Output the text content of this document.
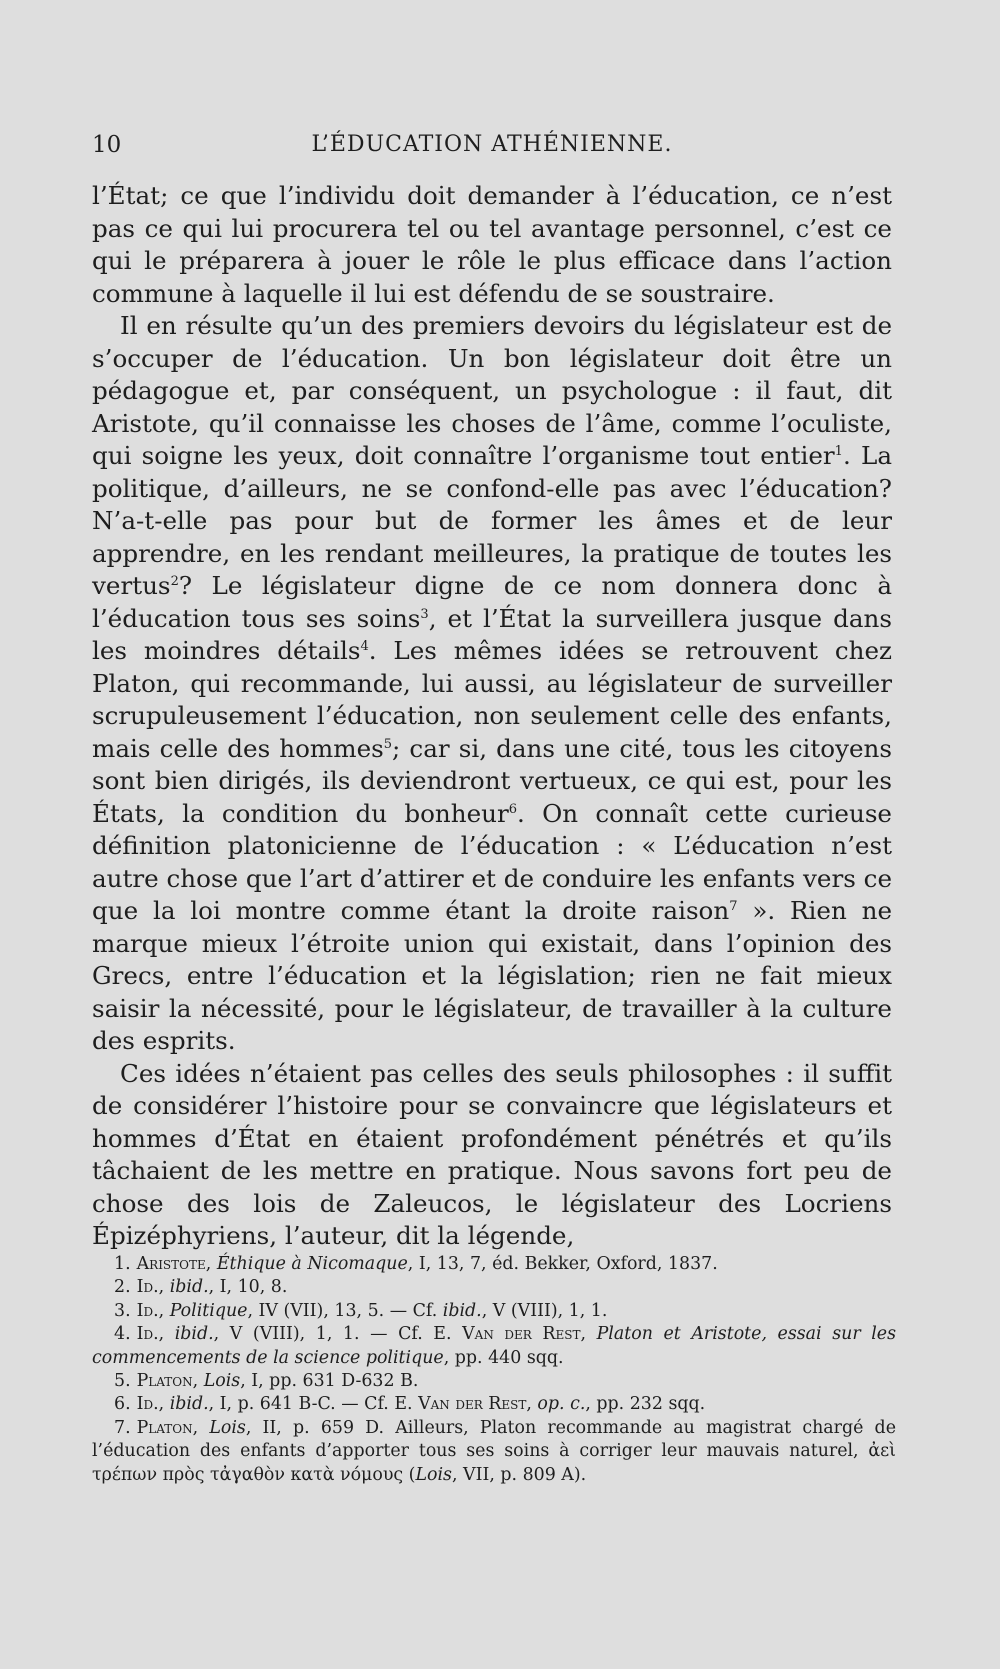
10	L’ÉDUCATION ATHÉNIENNE.

l’État; ce que l’individu doit demander à l’éducation, ce n’est pas ce qui lui procurera tel ou tel avantage personnel, c’est ce qui le préparera à jouer le rôle le plus efficace dans l’action commune à laquelle il lui est défendu de se soustraire.

Il en résulte qu’un des premiers devoirs du législateur est de s’occuper de l’éducation. Un bon législateur doit être un pédagogue et, par conséquent, un psychologue : il faut, dit Aristote, qu’il connaisse les choses de l’âme, comme l’oculiste, qui soigne les yeux, doit connaître l’organisme tout entier$^1$. La politique, d’ailleurs, ne se confond-elle pas avec l’éducation? N’a-t-elle pas pour but de former les âmes et de leur apprendre, en les rendant meilleures, la pratique de toutes les vertus$^2$? Le législateur digne de ce nom donnera donc à l’éducation tous ses soins$^3$, et l’État la surveillera jusque dans les moindres détails$^4$. Les mêmes idées se retrouvent chez Platon, qui recommande, lui aussi, au législateur de surveiller scrupuleusement l’éducation, non seulement celle des enfants, mais celle des hommes$^5$; car si, dans une cité, tous les citoyens sont bien dirigés, ils deviendront vertueux, ce qui est, pour les États, la condition du bonheur$^6$. On connaît cette curieuse définition platonicienne de l’éducation : « L’éducation n’est autre chose que l’art d’attirer et de conduire les enfants vers ce que la loi montre comme étant la droite raison$^7$ ». Rien ne marque mieux l’étroite union qui existait, dans l’opinion des Grecs, entre l’éducation et la législation; rien ne fait mieux saisir la nécessité, pour le législateur, de travailler à la culture des esprits.

Ces idées n’étaient pas celles des seuls philosophes : il suffit de considérer l’histoire pour se convaincre que législateurs et hommes d’État en étaient profondément pénétrés et qu’ils tâchaient de les mettre en pratique. Nous savons fort peu de chose des lois de Zaleucos, le législateur des Locriens Épizéphyriens, l’auteur, dit la légende,

1. Aristote, Éthique à Nicomaque, I, 13, 7, éd. Bekker, Oxford, 1837.
2. Id., ibid., I, 10, 8.
3. Id., Politique, IV (VII), 13, 5. — Cf. ibid., V (VIII), 1, 1.
4. Id., ibid., V (VIII), 1, 1. — Cf. E. Van der Rest, Platon et Aristote, essai sur les commencements de la science politique, pp. 440 sqq.
5. Platon, Lois, I, pp. 631 D-632 B.
6. Id., ibid., I, p. 641 B-C. — Cf. E. Van der Rest, op. c., pp. 232 sqq.
7. Platon, Lois, II, p. 659 D. Ailleurs, Platon recommande au magistrat chargé de l’éducation des enfants d’apporter tous ses soins à corriger leur mauvais naturel, ἀεὶ τρέπων πρὸς τἀγαθὸν κατὰ νόμους (Lois, VII, p. 809 A).
